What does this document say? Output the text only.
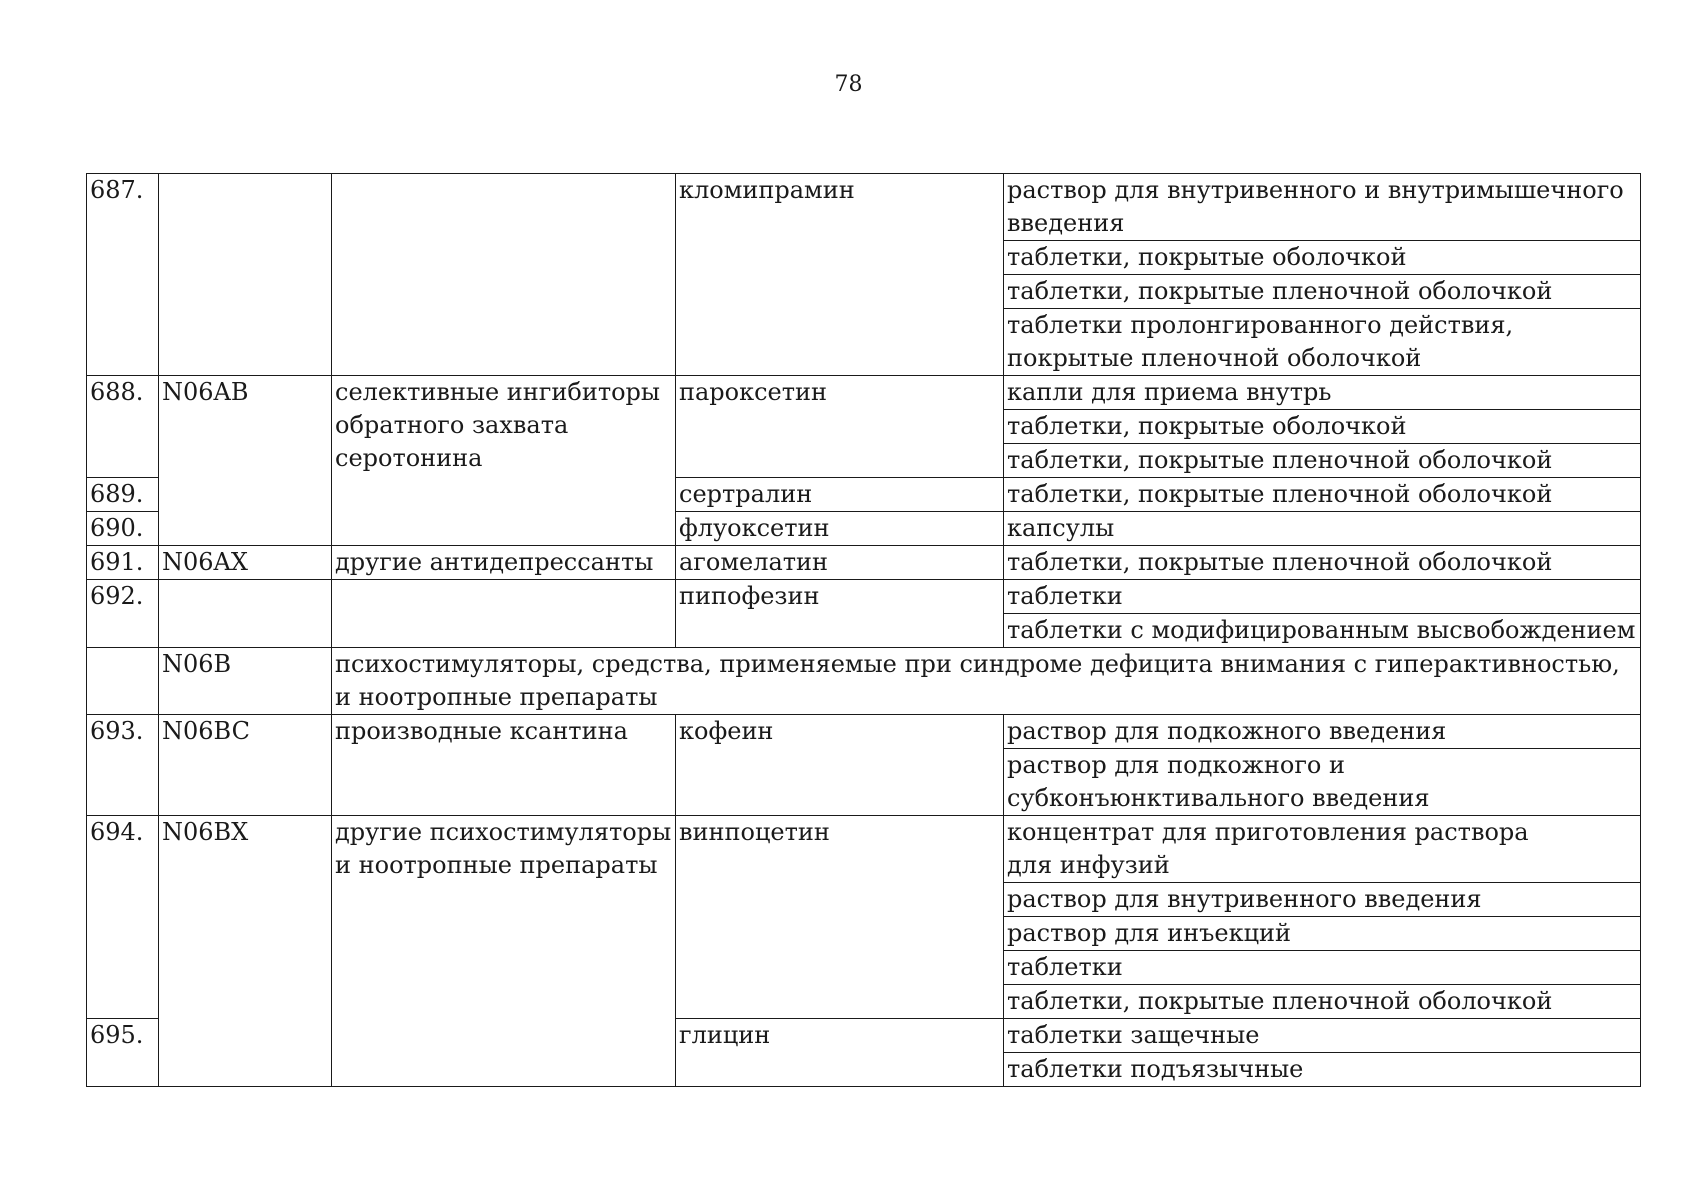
78
687.			кломипрамин	раствор для внутривенного и внутримышечного введения
				таблетки, покрытые оболочкой
				таблетки, покрытые пленочной оболочкой
				таблетки пролонгированного действия, покрытые пленочной оболочкой
688.	N06AB	селективные ингибиторы обратного захвата серотонина	пароксетин	капли для приема внутрь
				таблетки, покрытые оболочкой
				таблетки, покрытые пленочной оболочкой
689.			сертралин	таблетки, покрытые пленочной оболочкой
690.			флуоксетин	капсулы
691.	N06AX	другие антидепрессанты	агомелатин	таблетки, покрытые пленочной оболочкой
692.			пипофезин	таблетки
				таблетки с модифицированным высвобождением
	N06B	психостимуляторы, средства, применяемые при синдроме дефицита внимания с гиперактивностью,
и ноотропные препараты		
693.	N06BC	производные ксантина	кофеин	раствор для подкожного введения
				раствор для подкожного и субконъюнктивального введения
694.	N06BX	другие психостимуляторы и ноотропные препараты	винпоцетин	концентрат для приготовления раствора
для инфузий
				раствор для внутривенного введения
				раствор для инъекций
				таблетки
				таблетки, покрытые пленочной оболочкой
695.			глицин	таблетки защечные
				таблетки подъязычные
